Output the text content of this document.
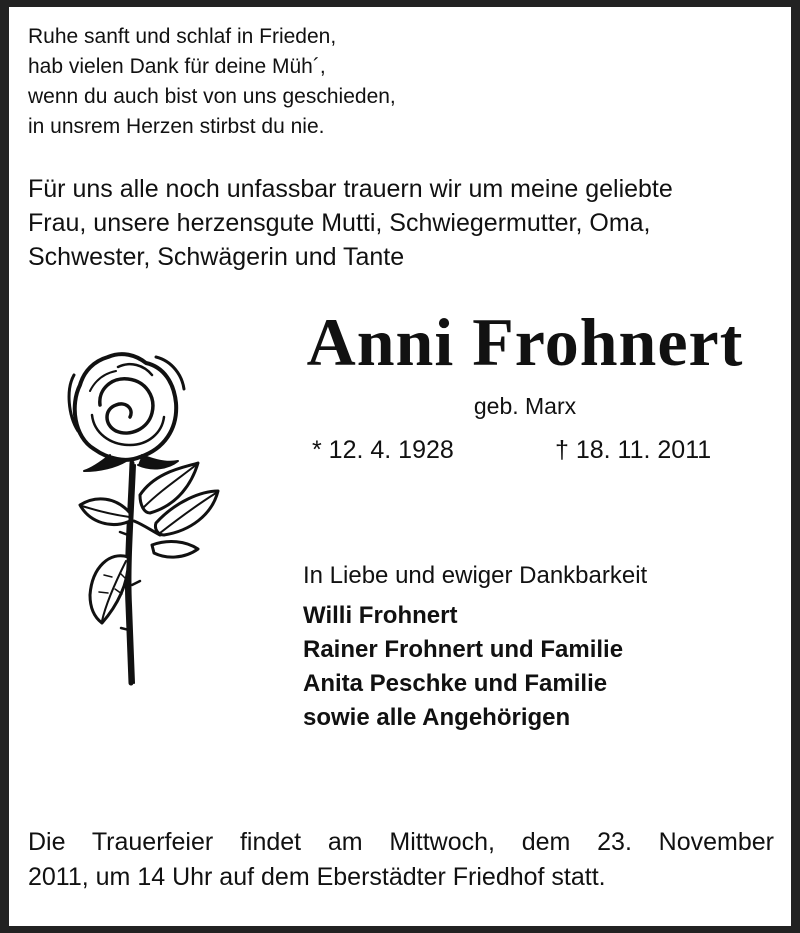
Ruhe sanft und schlaf in Frieden,
hab vielen Dank für deine Müh´,
wenn du auch bist von uns geschieden,
in unsrem Herzen stirbst du nie.
Für uns alle noch unfassbar trauern wir um meine geliebte
Frau, unsere herzensgute Mutti, Schwiegermutter, Oma,
Schwester, Schwägerin und Tante
Anni Frohnert
geb. Marx
* 12. 4. 1928	† 18. 11. 2011
In Liebe und ewiger Dankbarkeit
Willi Frohnert
Rainer Frohnert und Familie
Anita Peschke und Familie
sowie alle Angehörigen
Die Trauerfeier findet am Mittwoch, dem 23. November
2011, um 14 Uhr auf dem Eberstädter Friedhof statt.
